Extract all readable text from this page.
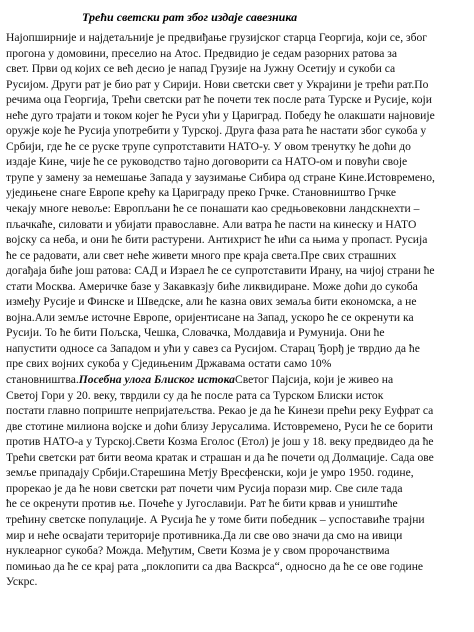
Трећи светски рат због издаје савезника
Најопширније и најдетаљније је предвиђање грузијског старца Георгија, који се, због
прогона у домовини, преселио на Атос. Предвидио је седам разорних ратова за
свет. Први од којих се већ десио је напад Грузије на Јужну Осетију и сукоби са
Русијом. Други рат је био рат у Сирији. Нови светски свет у Украјини је трећи рат.По
речима оца Георгија, Трећи светски рат ће почети тек после рата Турске и Русије, који
неће дуго трајати и током којег ће Руси ући у Цариград. Победу ће олакшати најновије
оружје које ће Русија употребити у Турској. Друга фаза рата ће настати због сукоба у
Србији, где ће се руске трупе супротставити НАТО-у. У овом тренутку ће доћи до
издаје Кине, чије ће се руководство тајно договорити са НАТО-ом и повући своје
трупе у замену за немешање Запада у заузимање Сибира од стране Кине.Истовремено,
уједињене снаге Европе крећу ка Цариграду преко Грчке. Становништво Грчке
чекају многе невоље: Европљани ће се понашати као средњовековни ландскнехти –
пљачкаће, силовати и убијати православне. Али ватра ће пасти на кинеску и НАТО
војску са неба, и они ће бити растурени. Антихрист ће ићи са њима у пропаст. Русија
ће се радовати, али свет неће живети много пре краја света.Пре свих страшних
догађаја биће још ратова: САД и Израел ће се супротставити Ирану, на чијој страни ће
стати Москва. Америчке базе у Закавказју биће ликвидиране. Може доћи до сукоба
између Русије и Финске и Шведске, али ће казна ових земаља бити економска, а не
војна.Али земље источне Европе, оријентисане на Запад, ускоро ће се окренути ка
Русији. То ће бити Пољска, Чешка, Словачка, Молдавија и Румунија. Они ће
напустити односе са Западом и ући у савез са Русијом. Старац Ђорђ је тврдио да ће
пре свих војних сукоба у Сједињеним Државама остати само 10%
становништва.Посебна улога Блиског истокаСветог Пајсија, који је живео на
Светој Гори у 20. веку, тврдили су да ће после рата са Турском Блиски исток
постати главно поприште непријатељства. Рекао је да ће Кинези прећи реку Еуфрат са
две стотине милиона војске и доћи близу Јерусалима. Истовремено, Руси ће се борити
против НАТО-а у Турској.Свети Козма Еголос (Етол) је још у 18. веку предвидео да ће
Трећи светски рат бити веома кратак и страшан и да ће почети од Долмације. Сада ове
земље припадају Србији.Старешина Метју Вресфенски, који је умро 1950. године,
прорекао је да ће нови светски рат почети чим Русија порази мир. Све силе тада
ће се окренути против ње. Почеће у Југославији. Рат ће бити крвав и уништиће
трећину светске популације. А Русија ће у томе бити победник – успоставиће трајни
мир и неће освајати територије противника.Да ли све ово значи да смо на ивици
нуклеарног сукоба? Можда. Међутим, Свети Козма је у свом пророчанствима
помињао да ће се крај рата „поклопити са два Васкрса“, односно да ће се ове године
Ускрс.
